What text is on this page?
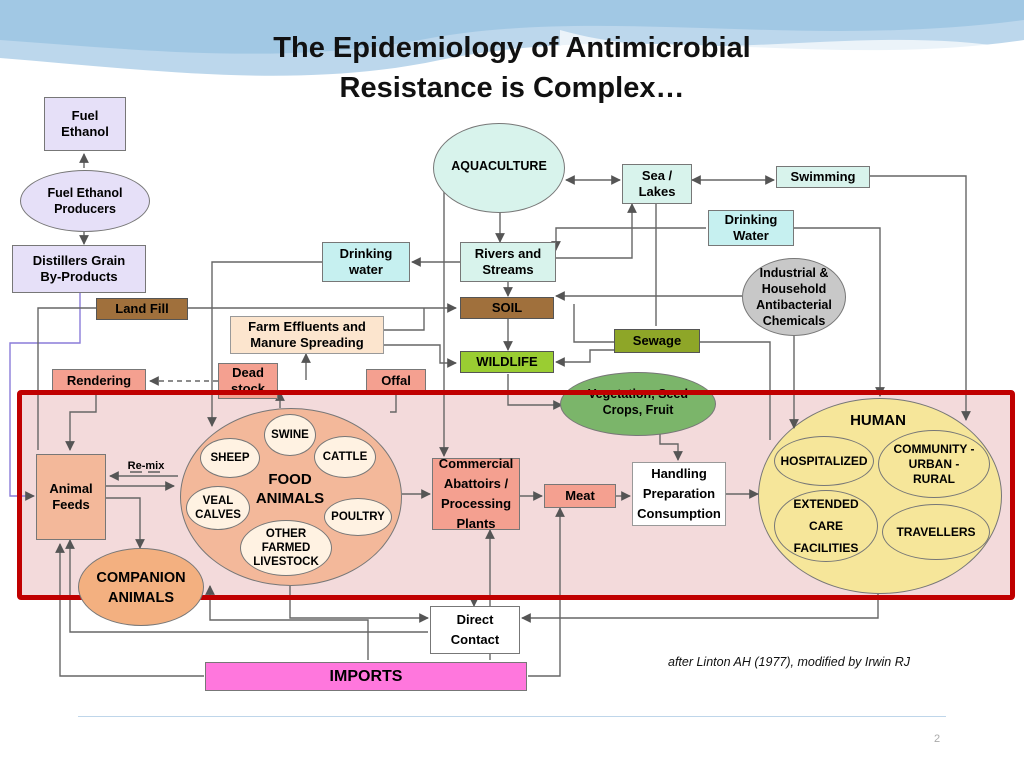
The Epidemiology of Antimicrobial
Resistance is Complex…
Fuel Ethanol
Fuel Ethanol Producers
Distillers Grain By-Products
Land Fill
Rendering
Farm Effluents and Manure Spreading
Dead stock
Offal
Drinking water
Rivers and Streams
SOIL
WILDLIFE
AQUACULTURE
Sea / Lakes
Swimming
Drinking Water
Industrial & Household Antibacterial Chemicals
Sewage
Vegetation, Seed Crops, Fruit
Animal Feeds
Re-mix
SWINE
SHEEP	CATTLE
FOOD ANIMALS
VEAL CALVES	POULTRY
OTHER FARMED LIVESTOCK
COMPANION ANIMALS
Commercial Abattoirs / Processing Plants
Meat
Handling Preparation Consumption
HUMAN
HOSPITALIZED
COMMUNITY - URBAN -RURAL
EXTENDED CARE FACILITIES
TRAVELLERS
Direct Contact
IMPORTS
after Linton AH (1977), modified by Irwin RJ
2
